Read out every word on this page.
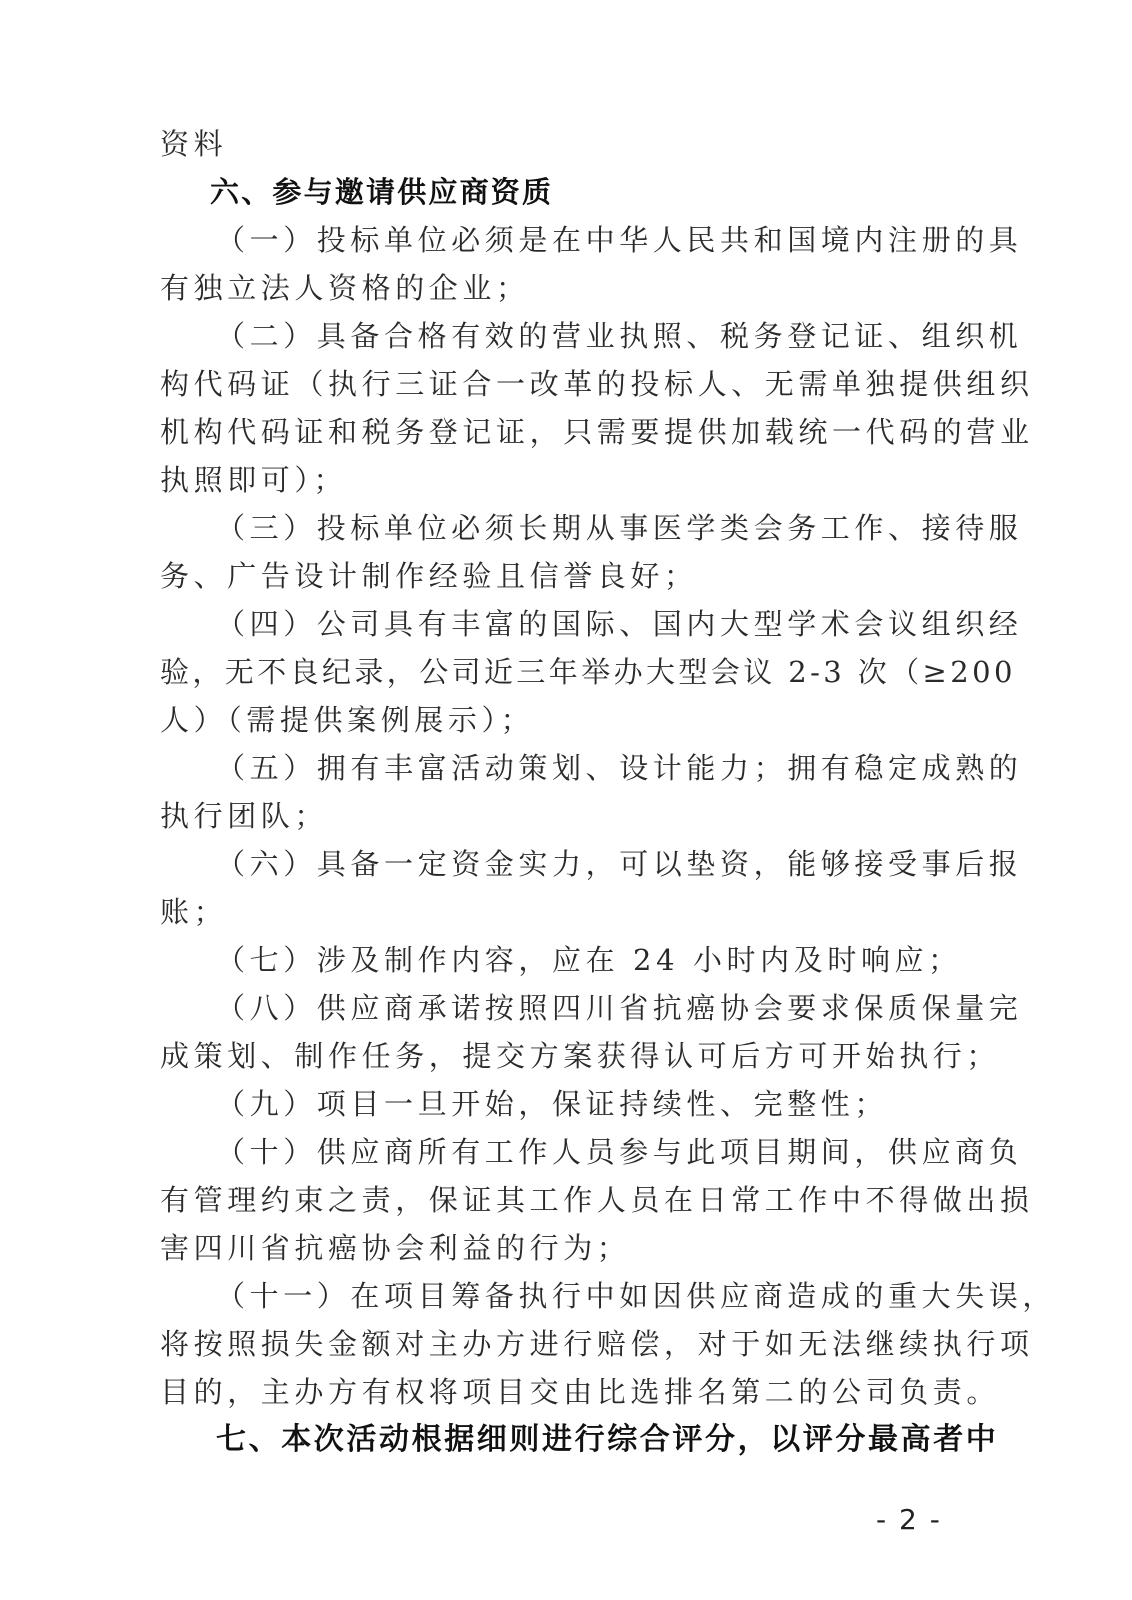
资料

六、参与邀请供应商资质

（一）投标单位必须是在中华人民共和国境内注册的具

有独立法人资格的企业；

（二）具备合格有效的营业执照、税务登记证、组织机

构代码证（执行三证合一改革的投标人、无需单独提供组织

机构代码证和税务登记证，只需要提供加载统一代码的营业

执照即可）；

（三）投标单位必须长期从事医学类会务工作、接待服

务、广告设计制作经验且信誉良好；

（四）公司具有丰富的国际、国内大型学术会议组织经

验，无不良纪录，公司近三年举办大型会议 2-3 次（≥200

人）（需提供案例展示）；

（五）拥有丰富活动策划、设计能力；拥有稳定成熟的

执行团队；

（六）具备一定资金实力，可以垫资，能够接受事后报

账；

（七）涉及制作内容，应在 24 小时内及时响应；

（八）供应商承诺按照四川省抗癌协会要求保质保量完

成策划、制作任务，提交方案获得认可后方可开始执行；

（九）项目一旦开始，保证持续性、完整性；

（十）供应商所有工作人员参与此项目期间，供应商负

有管理约束之责，保证其工作人员在日常工作中不得做出损

害四川省抗癌协会利益的行为；

（十一）在项目筹备执行中如因供应商造成的重大失误，

将按照损失金额对主办方进行赔偿，对于如无法继续执行项

目的，主办方有权将项目交由比选排名第二的公司负责。

七、本次活动根据细则进行综合评分，以评分最高者中

- 2 -
